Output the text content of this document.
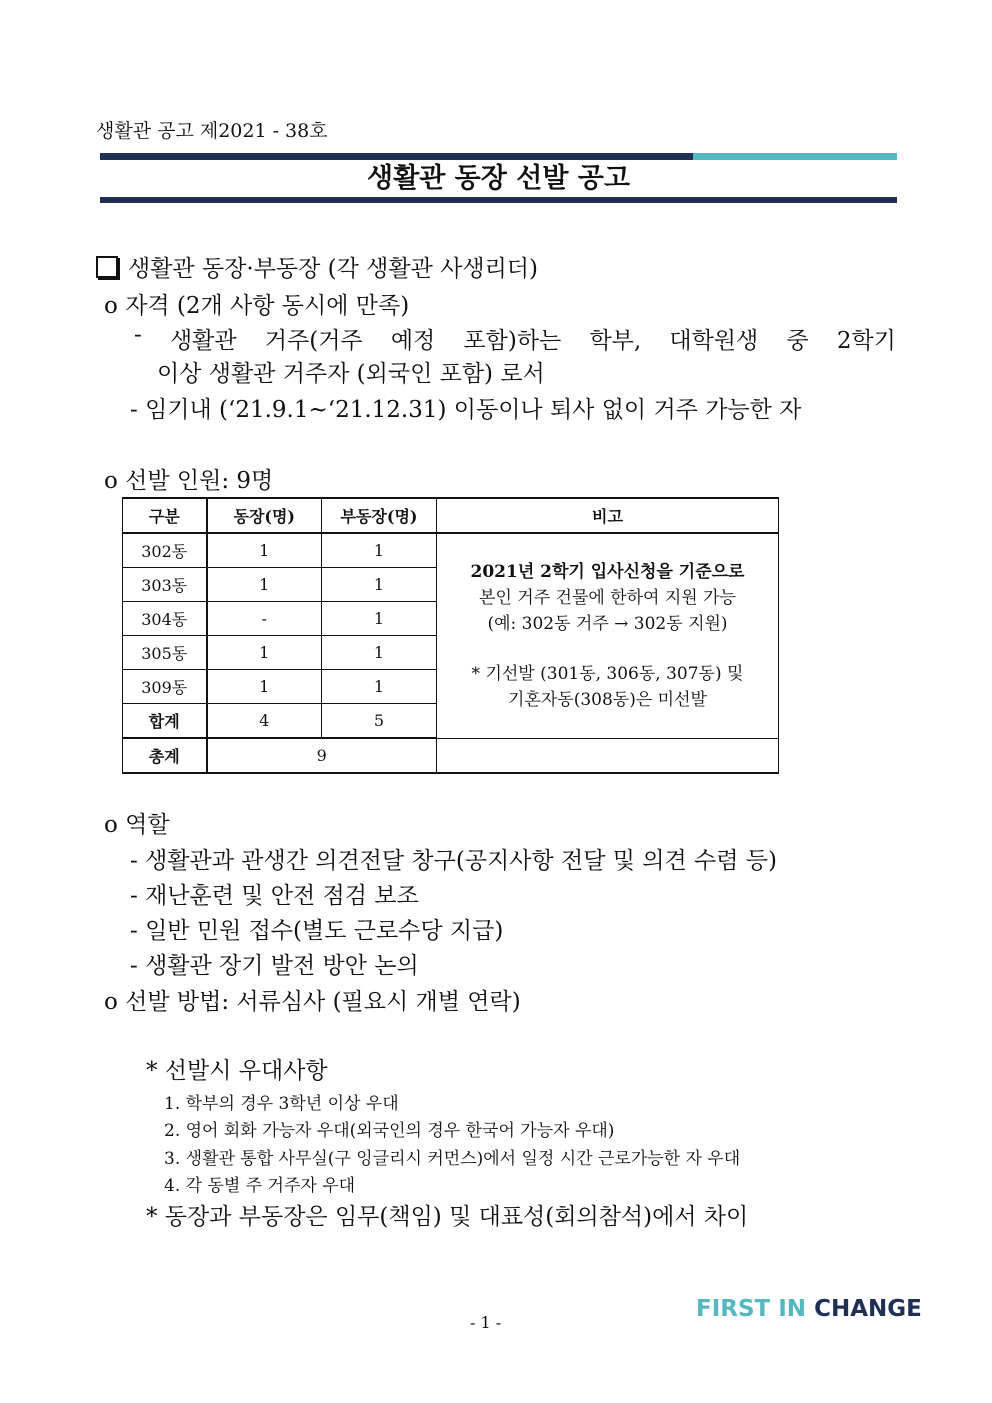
생활관 공고 제2021 - 38호
생활관 동장 선발 공고
생활관 동장·부동장 (각 생활관 사생리더)
o 자격 (2개 사항 동시에 만족)
- 생활관 거주(거주 예정 포함)하는 학부, 대학원생 중 2학기
이상 생활관 거주자 (외국인 포함) 로서
- 임기내 (‘21.9.1~‘21.12.31) 이동이나 퇴사 없이 거주 가능한 자
o 선발 인원: 9명
구분	동장(명)	부동장(명)	비고
302동	1	1	2021년 2학기 입사신청을 기준으로
본인 거주 건물에 한하여 지원 가능
(예: 302동 거주 → 302동 지원)
* 기선발 (301동, 306동, 307동) 및
기혼자동(308동)은 미선발

303동	1	1	
304동	-	1	
305동	1	1	
309동	1	1	
합계	4	5	
총계	9		
o 역할
- 생활관과 관생간 의견전달 창구(공지사항 전달 및 의견 수렴 등)
- 재난훈련 및 안전 점검 보조
- 일반 민원 접수(별도 근로수당 지급)
- 생활관 장기 발전 방안 논의
o 선발 방법: 서류심사 (필요시 개별 연락)
* 선발시 우대사항
1. 학부의 경우 3학년 이상 우대
2. 영어 회화 가능자 우대(외국인의 경우 한국어 가능자 우대)
3. 생활관 통합 사무실(구 잉글리시 커먼스)에서 일정 시간 근로가능한 자 우대
4. 각 동별 주 거주자 우대
* 동장과 부동장은 임무(책임) 및 대표성(회의참석)에서 차이
- 1 -
FIRST IN CHANGE
